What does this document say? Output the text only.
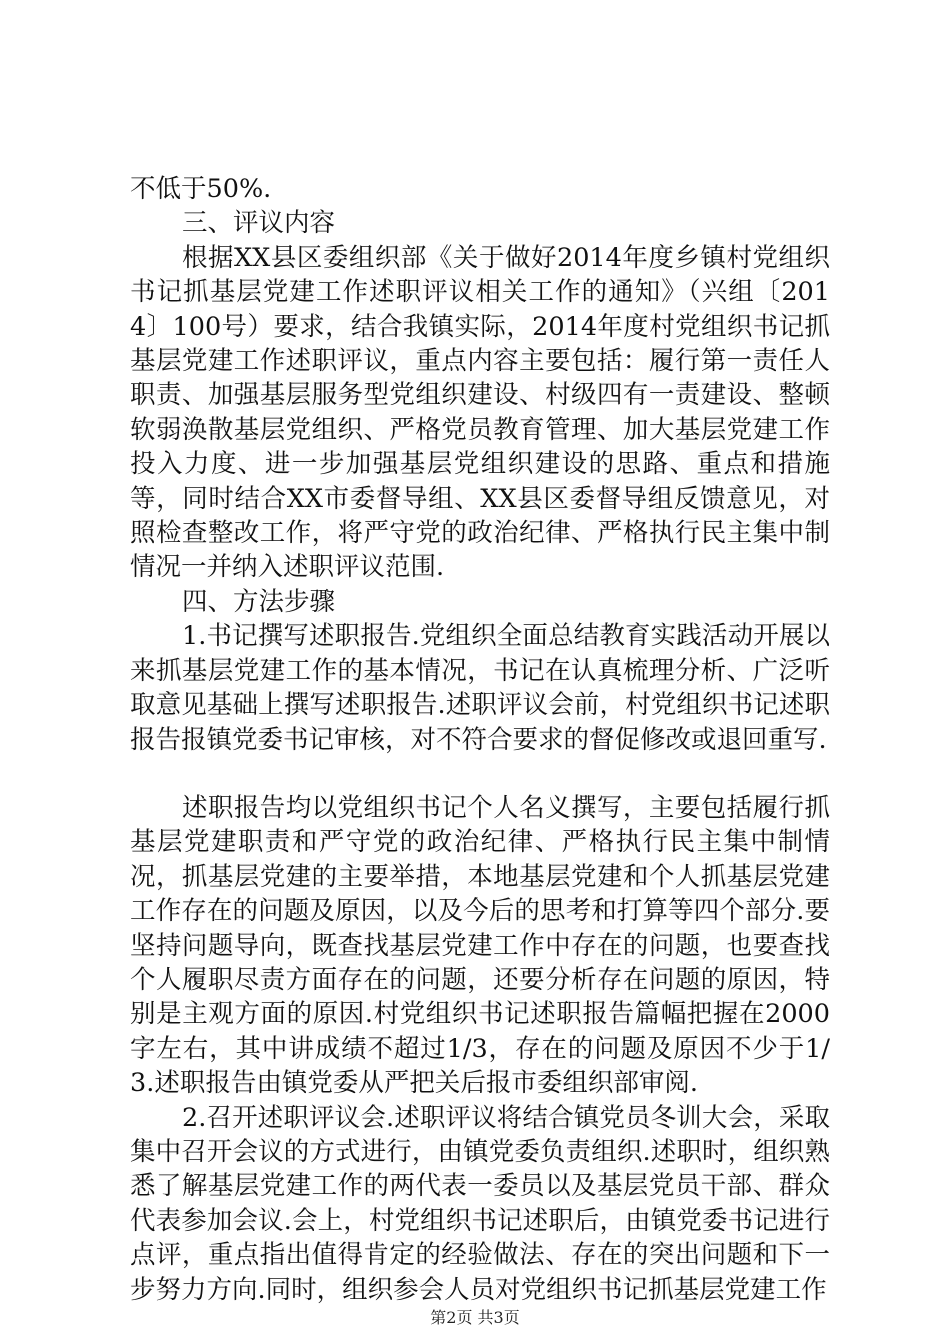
不低于50%.

三、评议内容

根据XX县区委组织部《关于做好2014年度乡镇村党组织书记抓基层党建工作述职评议相关工作的通知》（兴组〔2014〕100号）要求，结合我镇实际，2014年度村党组织书记抓基层党建工作述职评议，重点内容主要包括：履行第一责任人职责、加强基层服务型党组织建设、村级四有一责建设、整顿软弱涣散基层党组织、严格党员教育管理、加大基层党建工作投入力度、进一步加强基层党组织建设的思路、重点和措施等，同时结合XX市委督导组、XX县区委督导组反馈意见，对照检查整改工作，将严守党的政治纪律、严格执行民主集中制情况一并纳入述职评议范围.

四、方法步骤

1.书记撰写述职报告.党组织全面总结教育实践活动开展以来抓基层党建工作的基本情况，书记在认真梳理分析、广泛听取意见基础上撰写述职报告.述职评议会前，村党组织书记述职报告报镇党委书记审核，对不符合要求的督促修改或退回重写.

述职报告均以党组织书记个人名义撰写，主要包括履行抓基层党建职责和严守党的政治纪律、严格执行民主集中制情况，抓基层党建的主要举措，本地基层党建和个人抓基层党建工作存在的问题及原因，以及今后的思考和打算等四个部分.要坚持问题导向，既查找基层党建工作中存在的问题，也要查找个人履职尽责方面存在的问题，还要分析存在问题的原因，特别是主观方面的原因.村党组织书记述职报告篇幅把握在2000字左右，其中讲成绩不超过1/3，存在的问题及原因不少于1/3.述职报告由镇党委从严把关后报市委组织部审阅.

2.召开述职评议会.述职评议将结合镇党员冬训大会，采取集中召开会议的方式进行，由镇党委负责组织.述职时，组织熟悉了解基层党建工作的两代表一委员以及基层党员干部、群众代表参加会议.会上，村党组织书记述职后，由镇党委书记进行点评，重点指出值得肯定的经验做法、存在的突出问题和下一步努力方向.同时，组织参会人员对党组织书记抓基层党建工作

第2页 共3页
